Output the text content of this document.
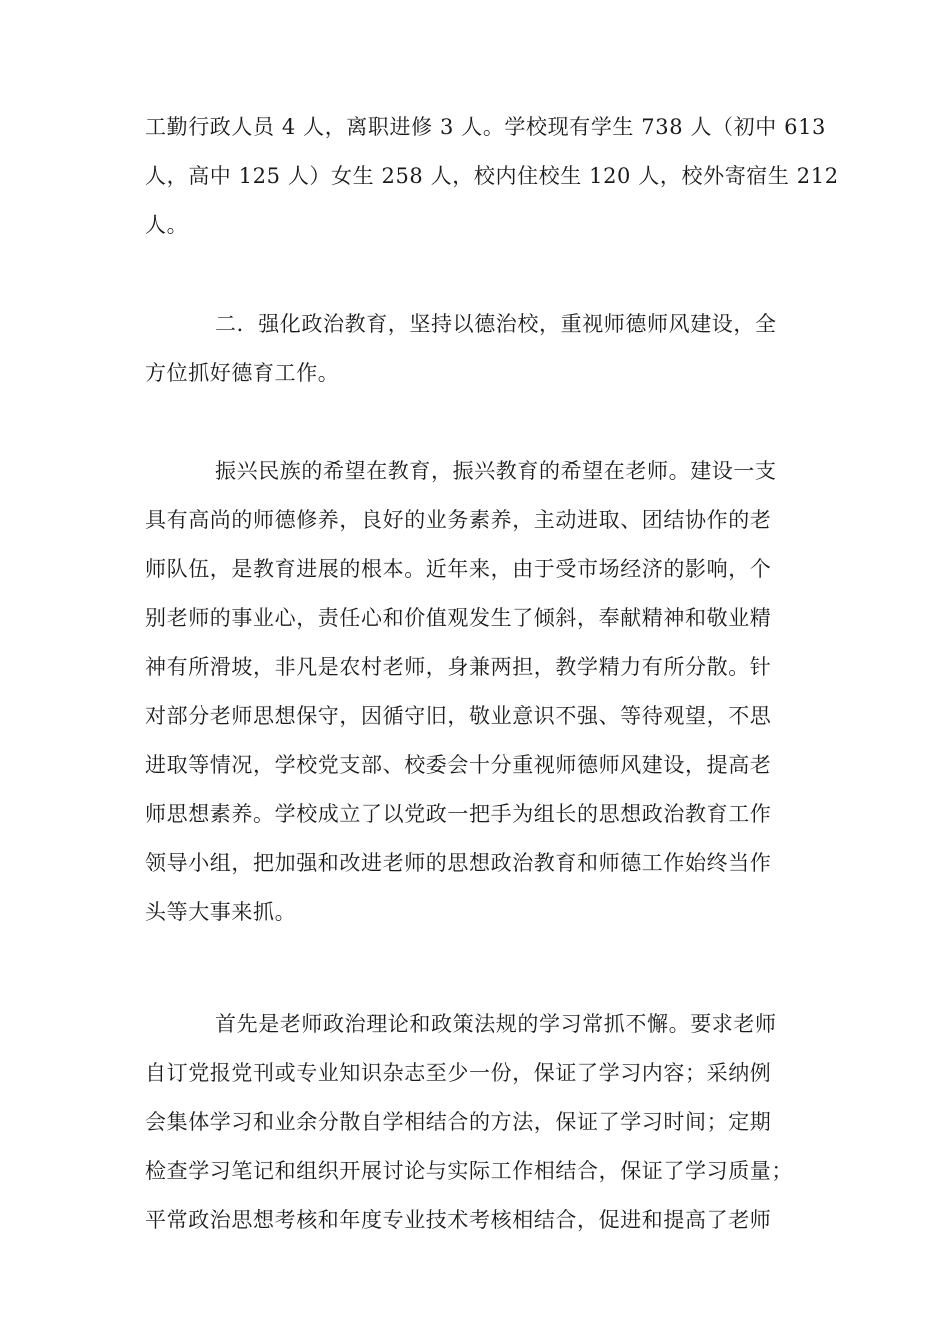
工勤行政人员 4 人，离职进修 3 人。学校现有学生 738 人（初中 613
人，高中 125 人）女生 258 人，校内住校生 120 人，校外寄宿生 212
人。
二．强化政治教育，坚持以德治校，重视师德师风建设，全
方位抓好德育工作。
振兴民族的希望在教育，振兴教育的希望在老师。建设一支
具有高尚的师德修养，良好的业务素养，主动进取、团结协作的老
师队伍，是教育进展的根本。近年来，由于受市场经济的影响，个
别老师的事业心，责任心和价值观发生了倾斜，奉献精神和敬业精
神有所滑坡，非凡是农村老师，身兼两担，教学精力有所分散。针
对部分老师思想保守，因循守旧，敬业意识不强、等待观望，不思
进取等情况，学校党支部、校委会十分重视师德师风建设，提高老
师思想素养。学校成立了以党政一把手为组长的思想政治教育工作
领导小组，把加强和改进老师的思想政治教育和师德工作始终当作
头等大事来抓。
首先是老师政治理论和政策法规的学习常抓不懈。要求老师
自订党报党刊或专业知识杂志至少一份，保证了学习内容；采纳例
会集体学习和业余分散自学相结合的方法，保证了学习时间；定期
检查学习笔记和组织开展讨论与实际工作相结合，保证了学习质量；
平常政治思想考核和年度专业技术考核相结合，促进和提高了老师
